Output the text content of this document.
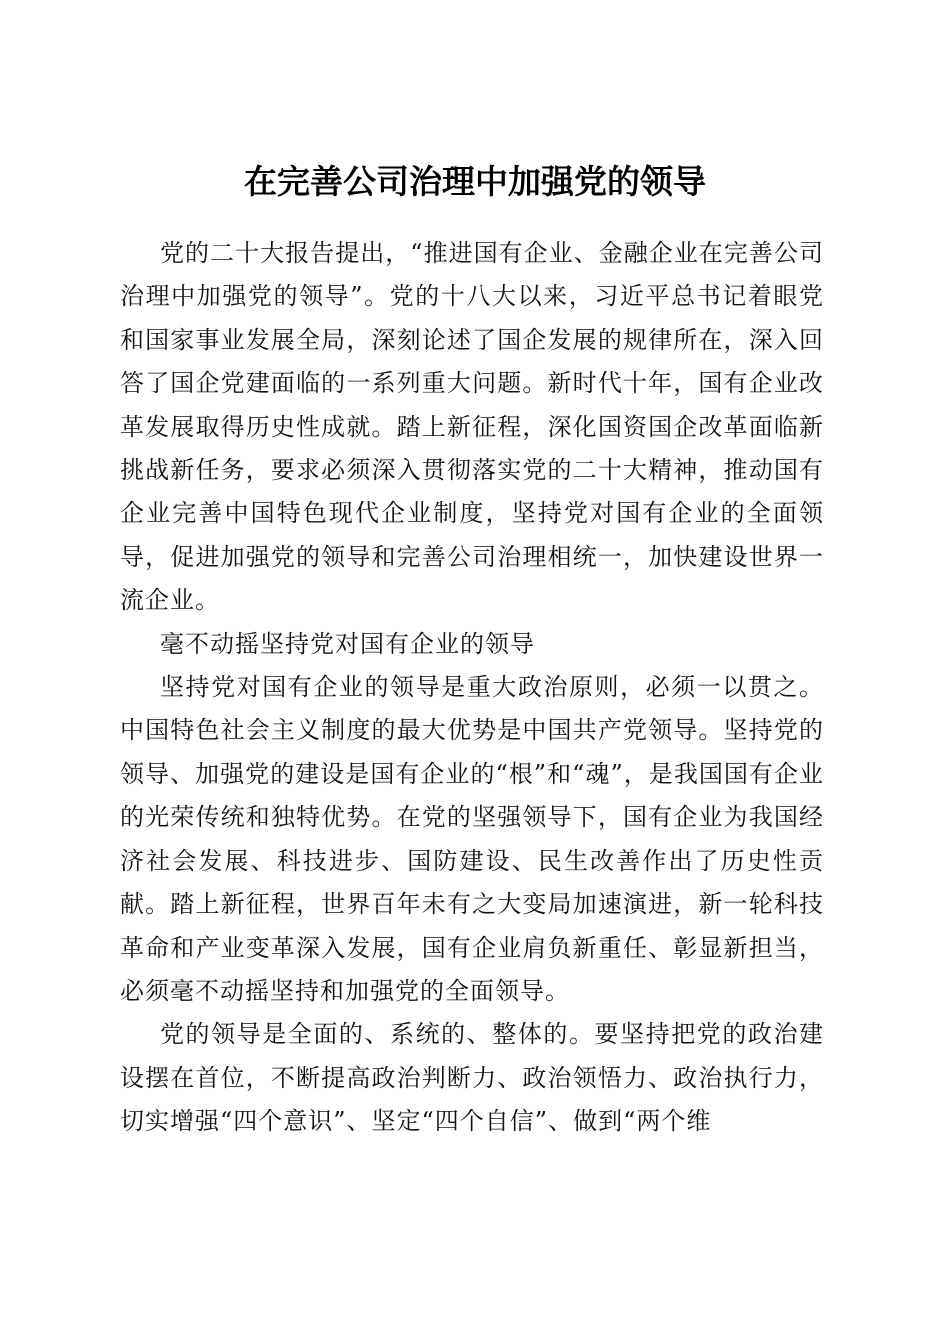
在完善公司治理中加强党的领导

党的二十大报告提出，“推进国有企业、金融企业在完善公司治理中加强党的领导”。党的十八大以来，习近平总书记着眼党和国家事业发展全局，深刻论述了国企发展的规律所在，深入回答了国企党建面临的一系列重大问题。新时代十年，国有企业改革发展取得历史性成就。踏上新征程，深化国资国企改革面临新挑战新任务，要求必须深入贯彻落实党的二十大精神，推动国有企业完善中国特色现代企业制度，坚持党对国有企业的全面领导，促进加强党的领导和完善公司治理相统一，加快建设世界一流企业。

毫不动摇坚持党对国有企业的领导

坚持党对国有企业的领导是重大政治原则，必须一以贯之。中国特色社会主义制度的最大优势是中国共产党领导。坚持党的领导、加强党的建设是国有企业的“根”和“魂”，是我国国有企业的光荣传统和独特优势。在党的坚强领导下，国有企业为我国经济社会发展、科技进步、国防建设、民生改善作出了历史性贡献。踏上新征程，世界百年未有之大变局加速演进，新一轮科技革命和产业变革深入发展，国有企业肩负新重任、彰显新担当，必须毫不动摇坚持和加强党的全面领导。

党的领导是全面的、系统的、整体的。要坚持把党的政治建设摆在首位，不断提高政治判断力、政治领悟力、政治执行力，切实增强“四个意识”、坚定“四个自信”、做到“两个维
